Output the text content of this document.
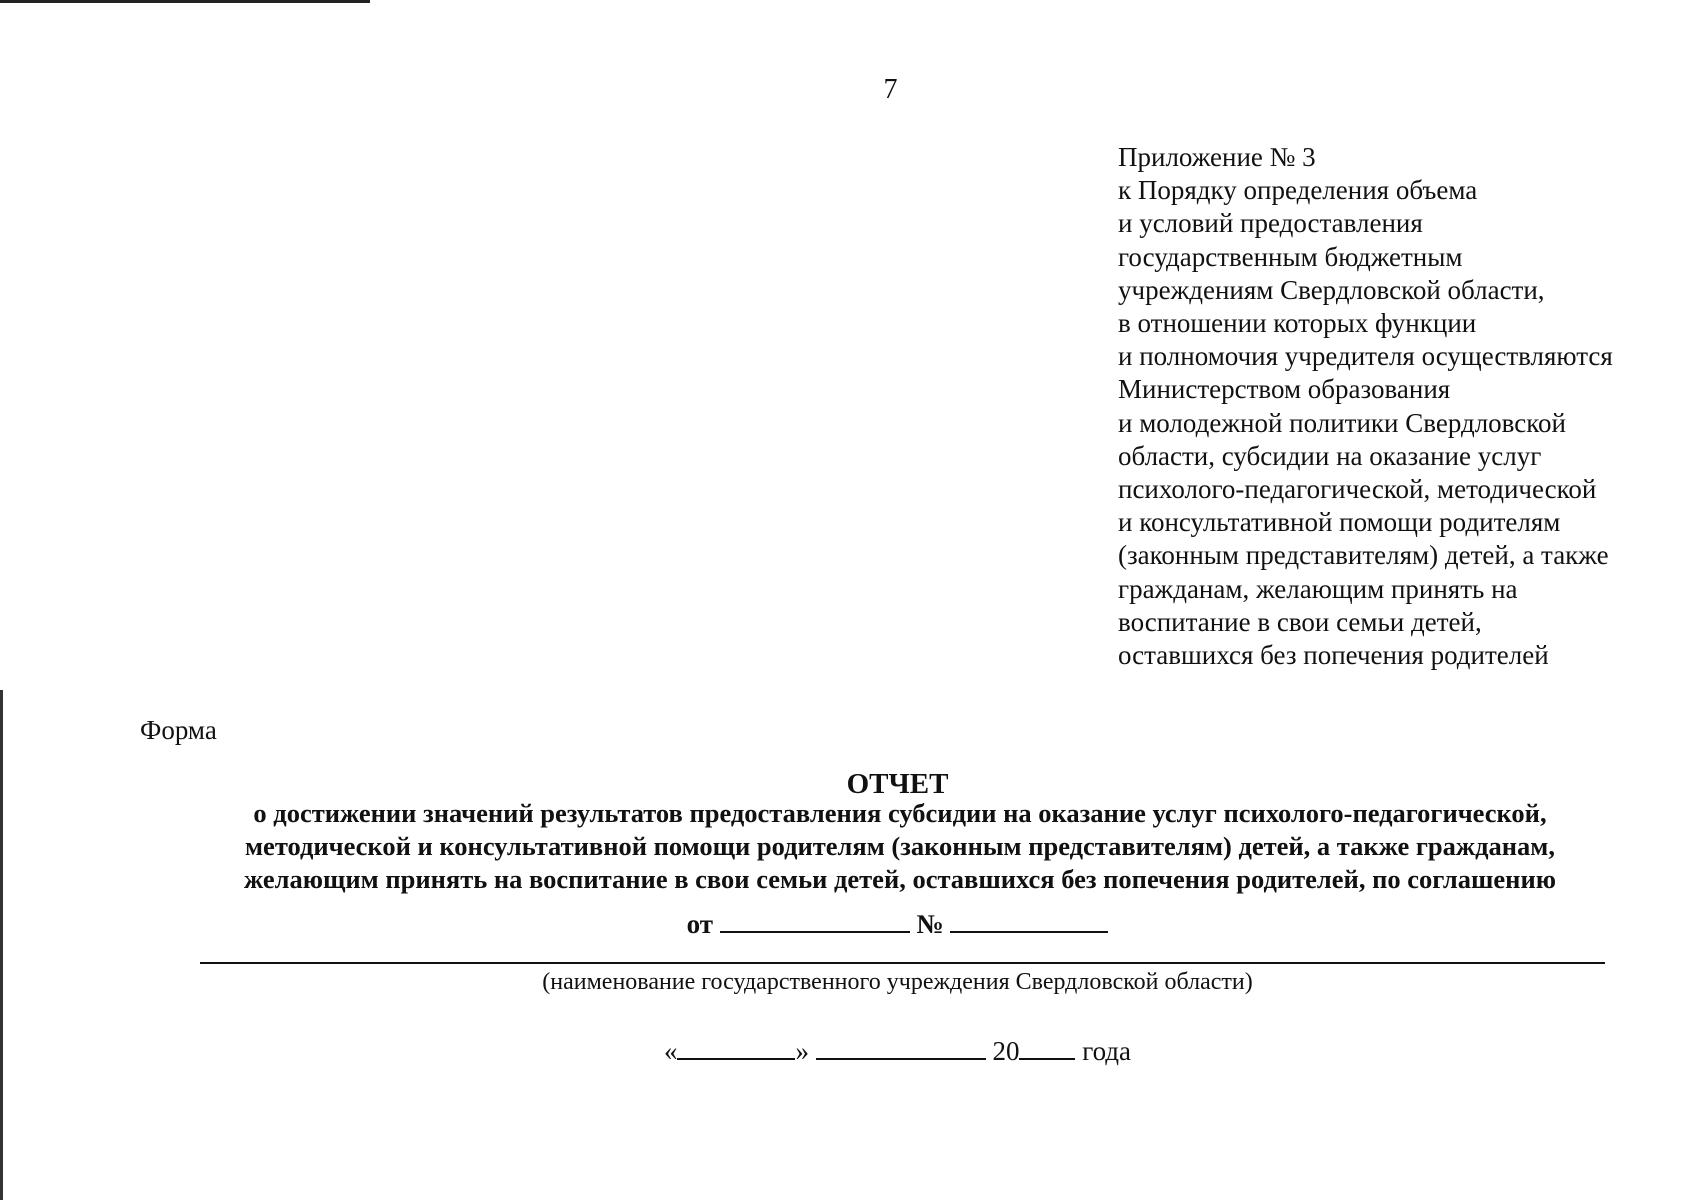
7
Приложение № 3
к Порядку определения объема
и условий предоставления
государственным бюджетным
учреждениям Свердловской области,
в отношении которых функции
и полномочия учредителя осуществляются
Министерством образования
и молодежной политики Свердловской
области, субсидии на оказание услуг
психолого-педагогической, методической
и консультативной помощи родителям
(законным представителям) детей, а также
гражданам, желающим принять на
воспитание в свои семьи детей,
оставшихся без попечения родителей
Форма
ОТЧЕТ
о достижении значений результатов предоставления субсидии на оказание услуг психолого-педагогической,
методической и консультативной помощи родителям (законным представителям) детей, а также гражданам,
желающим принять на воспитание в свои семьи детей, оставшихся без попечения родителей, по соглашению
от	№
(наименование государственного учреждения Свердловской области)
«	»	20 года
